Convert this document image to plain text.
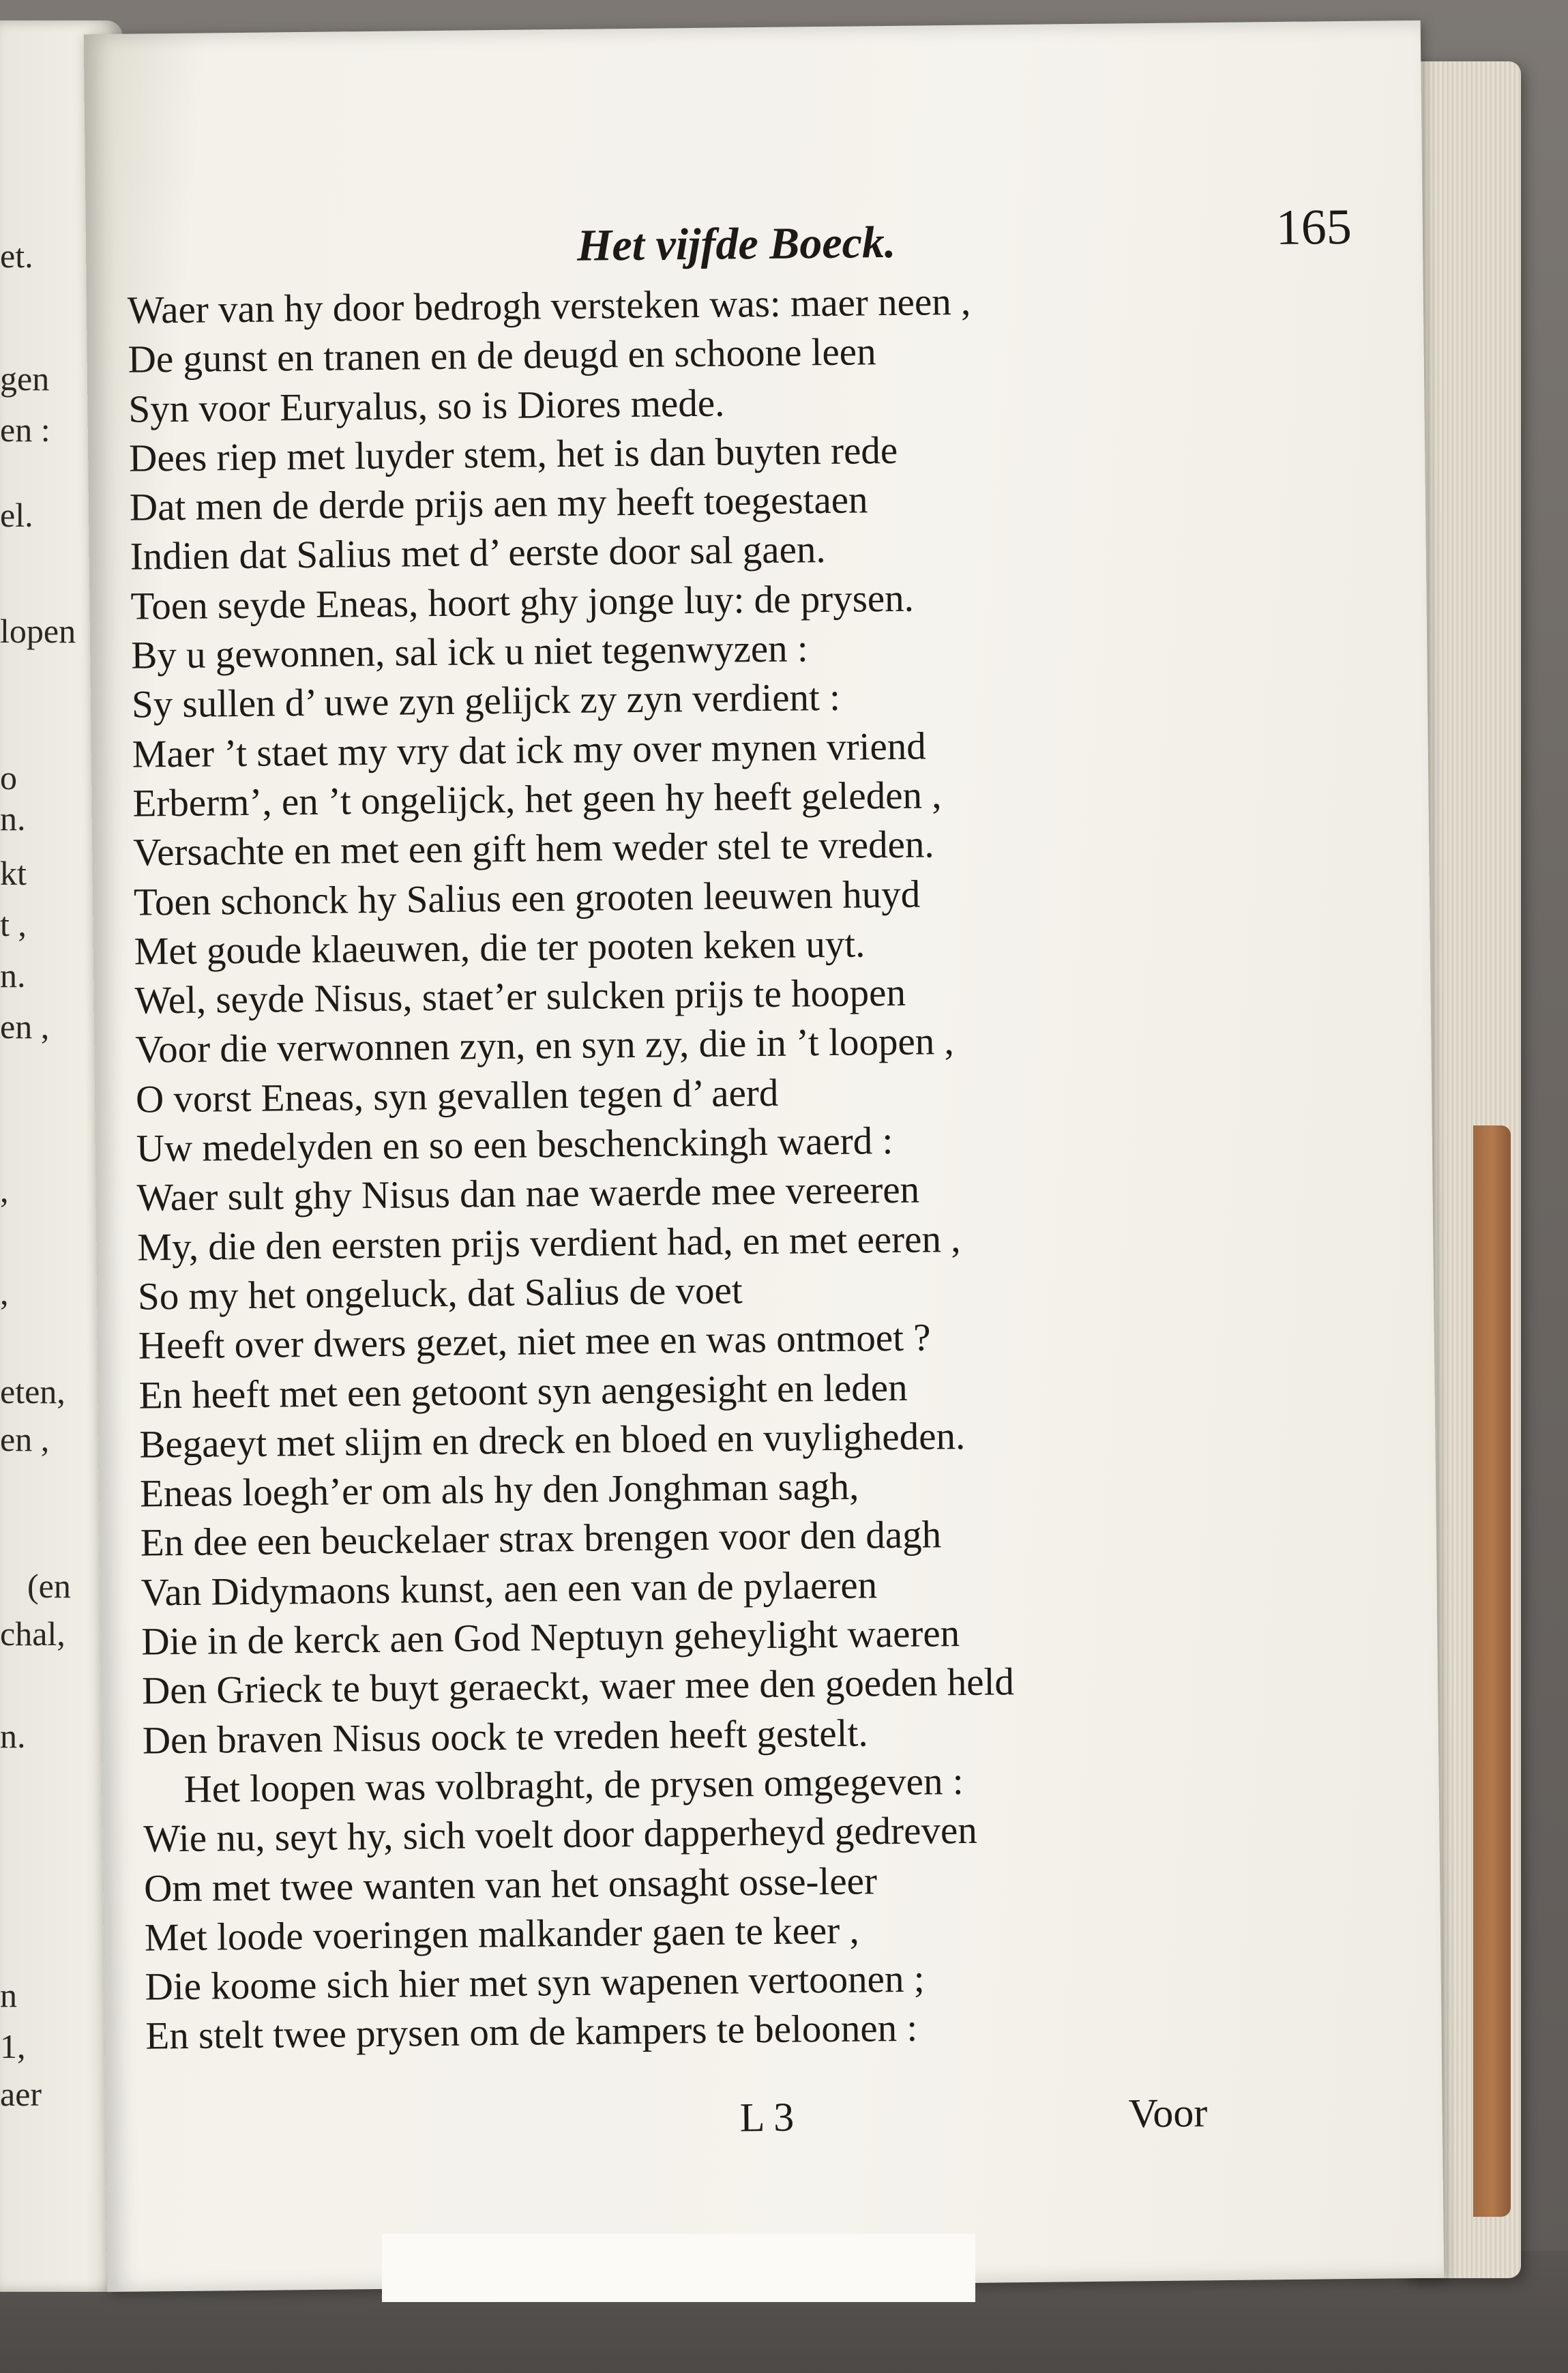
et.
gen
en :
el.
lopen
o
n.
kt
t ,
n.
en ,
,
,
eten,
en ,
(en
chal,
n.
n
1,
aer
Het vijfde Boeck.	165
Waer van hy door bedrogh versteken was: maer neen ,
De gunst en tranen en de deugd en schoone leen
Syn voor Euryalus, so is Diores mede.
Dees riep met luyder stem, het is dan buyten rede
Dat men de derde prijs aen my heeft toegestaen
Indien dat Salius met d’ eerste door sal gaen.
Toen seyde Eneas, hoort ghy jonge luy: de prysen.
By u gewonnen, sal ick u niet tegenwyzen :
Sy sullen d’ uwe zyn gelijck zy zyn verdient :
Maer ’t staet my vry dat ick my over mynen vriend
Erberm’, en ’t ongelijck, het geen hy heeft geleden ,
Versachte en met een gift hem weder stel te vreden.
Toen schonck hy Salius een grooten leeuwen huyd
Met goude klaeuwen, die ter pooten keken uyt.
Wel, seyde Nisus, staet’er sulcken prijs te hoopen
Voor die verwonnen zyn, en syn zy, die in ’t loopen ,
O vorst Eneas, syn gevallen tegen d’ aerd
Uw medelyden en so een beschenckingh waerd :
Waer sult ghy Nisus dan nae waerde mee vereeren
My, die den eersten prijs verdient had, en met eeren ,
So my het ongeluck, dat Salius de voet
Heeft over dwers gezet, niet mee en was ontmoet ?
En heeft met een getoont syn aengesight en leden
Begaeyt met slijm en dreck en bloed en vuyligheden.
Eneas loegh’er om als hy den Jonghman sagh,
En dee een beuckelaer strax brengen voor den dagh
Van Didymaons kunst, aen een van de pylaeren
Die in de kerck aen God Neptuyn geheylight waeren
Den Grieck te buyt geraeckt, waer mee den goeden held
Den braven Nisus oock te vreden heeft gestelt.
Het loopen was volbraght, de prysen omgegeven :
Wie nu, seyt hy, sich voelt door dapperheyd gedreven
Om met twee wanten van het onsaght osse-leer
Met loode voeringen malkander gaen te keer ,
Die koome sich hier met syn wapenen vertoonen ;
En stelt twee prysen om de kampers te beloonen :
L 3	Voor
